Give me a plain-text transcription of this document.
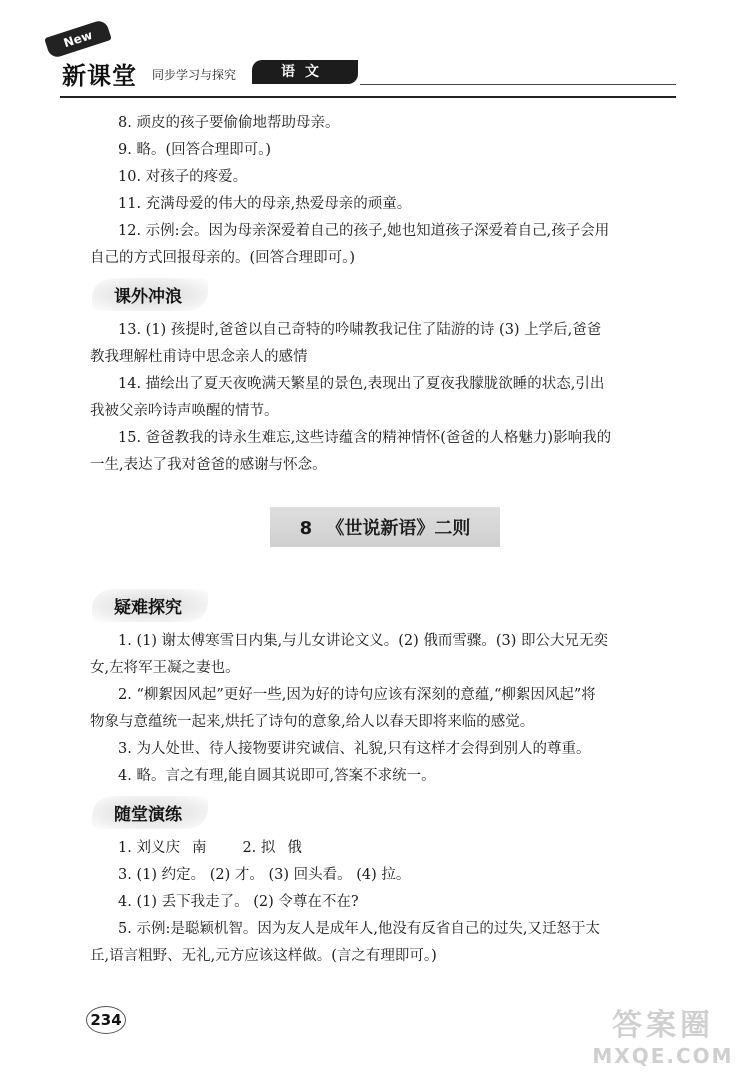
New
新课堂 同步学习与探究	语文

8. 顽皮的孩子要偷偷地帮助母亲。

9. 略。(回答合理即可。)

10. 对孩子的疼爱。

11. 充满母爱的伟大的母亲,热爱母亲的顽童。

12. 示例:会。因为母亲深爱着自己的孩子,她也知道孩子深爱着自己,孩子会用

自己的方式回报母亲的。(回答合理即可。)

课外冲浪

13. (1) 孩提时,爸爸以自己奇特的吟啸教我记住了陆游的诗 (3) 上学后,爸爸

教我理解杜甫诗中思念亲人的感情

14. 描绘出了夏天夜晚满天繁星的景色,表现出了夏夜我朦胧欲睡的状态,引出

我被父亲吟诗声唤醒的情节。

15. 爸爸教我的诗永生难忘,这些诗蕴含的精神情怀(爸爸的人格魅力)影响我的

一生,表达了我对爸爸的感谢与怀念。

8 《世说新语》二则
疑难探究

1. (1) 谢太傅寒雪日内集,与儿女讲论文义。(2) 俄而雪骤。(3) 即公大兄无奕

女,左将军王凝之妻也。

2. “柳絮因风起”更好一些,因为好的诗句应该有深刻的意蕴,“柳絮因风起”将

物象与意蕴统一起来,烘托了诗句的意象,给人以春天即将来临的感觉。

3. 为人处世、待人接物要讲究诚信、礼貌,只有这样才会得到别人的尊重。

4. 略。言之有理,能自圆其说即可,答案不求统一。

随堂演练

1. 刘义庆 南 2. 拟 俄

3. (1) 约定。 (2) 才。 (3) 回头看。 (4) 拉。

4. (1) 丢下我走了。 (2) 令尊在不在?

5. 示例:是聪颖机智。因为友人是成年人,他没有反省自己的过失,又迁怒于太

丘,语言粗野、无礼,元方应该这样做。(言之有理即可。)

234	答案圈
MXQE.COM
